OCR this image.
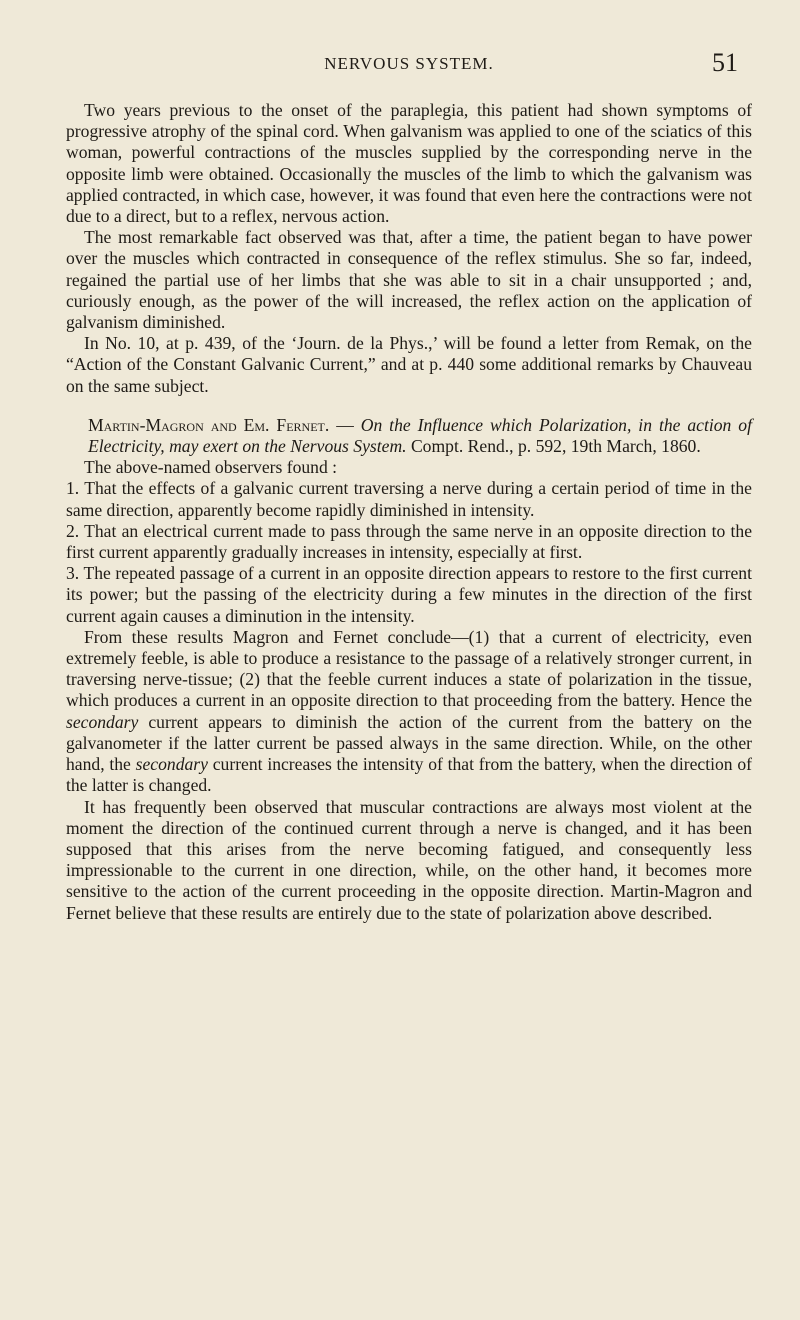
NERVOUS SYSTEM.	51

Two years previous to the onset of the paraplegia, this patient had shown symptoms of progressive atrophy of the spinal cord. When galvanism was applied to one of the sciatics of this woman, powerful contractions of the muscles supplied by the corresponding nerve in the opposite limb were obtained. Occasionally the muscles of the limb to which the galvanism was applied contracted, in which case, however, it was found that even here the contractions were not due to a direct, but to a reflex, nervous action.

The most remarkable fact observed was that, after a time, the patient began to have power over the muscles which contracted in consequence of the reflex stimulus. She so far, indeed, regained the partial use of her limbs that she was able to sit in a chair unsupported ; and, curiously enough, as the power of the will increased, the reflex action on the application of galvanism diminished.

In No. 10, at p. 439, of the ‘Journ. de la Phys.,’ will be found a letter from Remak, on the “Action of the Constant Galvanic Current,” and at p. 440 some additional remarks by Chauveau on the same subject.

Martin-Magron and Em. Fernet. — On the Influence which Polarization, in the action of Electricity, may exert on the Nervous System. Compt. Rend., p. 592, 19th March, 1860.

The above-named observers found :

1. That the effects of a galvanic current traversing a nerve during a certain period of time in the same direction, apparently become rapidly diminished in intensity.

2. That an electrical current made to pass through the same nerve in an opposite direction to the first current apparently gradually increases in intensity, especially at first.

3. The repeated passage of a current in an opposite direction appears to restore to the first current its power; but the passing of the electricity during a few minutes in the direction of the first current again causes a diminution in the intensity.

From these results Magron and Fernet conclude—(1) that a current of electricity, even extremely feeble, is able to produce a resistance to the passage of a relatively stronger current, in traversing nerve-tissue; (2) that the feeble current induces a state of polarization in the tissue, which produces a current in an opposite direction to that proceeding from the battery. Hence the secondary current appears to diminish the action of the current from the battery on the galvanometer if the latter current be passed always in the same direction. While, on the other hand, the secondary current increases the intensity of that from the battery, when the direction of the latter is changed.

It has frequently been observed that muscular contractions are always most violent at the moment the direction of the continued current through a nerve is changed, and it has been supposed that this arises from the nerve becoming fatigued, and consequently less impressionable to the current in one direction, while, on the other hand, it becomes more sensitive to the action of the current proceeding in the opposite direction. Martin-Magron and Fernet believe that these results are entirely due to the state of polarization above described.
